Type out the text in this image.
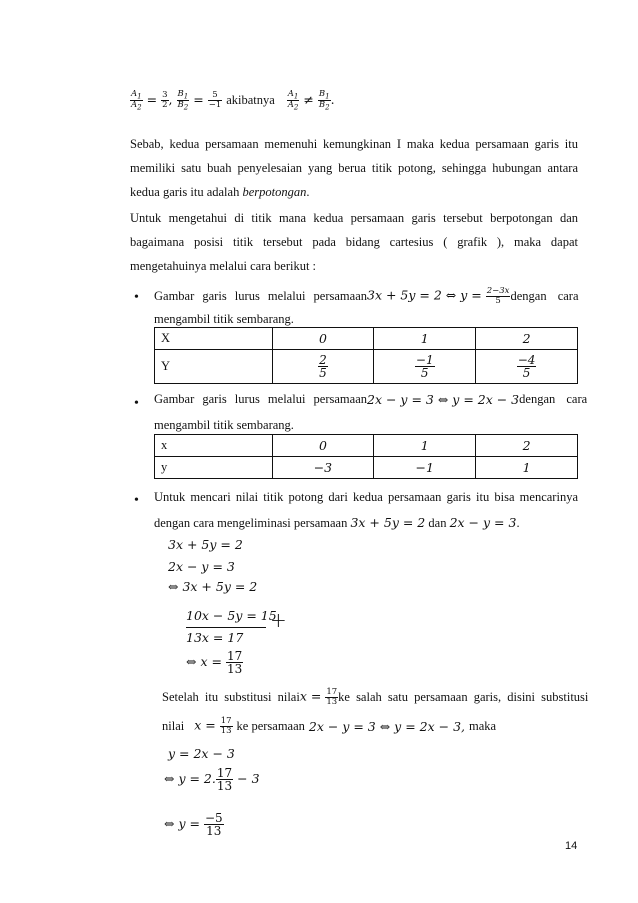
$\frac{A_1}{A_2} = \frac{3}{2}$ , $\frac{B_1}{B_2} = \frac{5}{-1}$ akibatnya $\frac{A_1}{A_2} \ne \frac{B_1}{B_2}$ .
Sebab, kedua persamaan memenuhi kemungkinan I maka kedua persamaan garis itu memiliki satu buah penyelesaian yang berua titik potong, sehingga hubungan antara kedua garis itu adalah berpotongan.
Untuk mengetahui di titik mana kedua persamaan garis tersebut berpotongan dan bagaimana posisi titik tersebut pada bidang cartesius ( grafik ), maka dapat mengetahuinya melalui cara berikut :
• Gambar garis lurus melalui persamaan 3x + 5y = 2 ⇔ $y = \frac{2-3x}{5}$ dengan cara
mengambil titik sembarang.
X	0	1	2
Y	$\frac{2}{5}$	$\frac{-1}{5}$	$\frac{-4}{5}$
• Gambar garis lurus melalui persamaan 2x − y = 3 ⇔ y = 2x − 3 dengan cara
mengambil titik sembarang.
x	0	1	2
y	−3	−1	1
• Untuk mencari nilai titik potong dari kedua persamaan garis itu bisa mencarinya
dengan cara mengeliminasi persamaan 3x + 5y = 2 dan 2x − y = 3.
3x + 5y = 2
2x − y = 3
⇔ 3x + 5y = 2
10x − 5y = 15
+
13x = 17
⇔ $x = \frac{17}{13}$
Setelah itu substitusi nilai $x = \frac{17}{13}$ ke salah satu persamaan garis, disini substitusi
nilai $x = \frac{17}{13}$ ke persamaan 2x − y = 3 ⇔ y = 2x − 3, maka
y = 2x − 3
⇔ y = 2. $\frac{17}{13} - 3$
⇔ $y = \frac{-5}{13}$
14
